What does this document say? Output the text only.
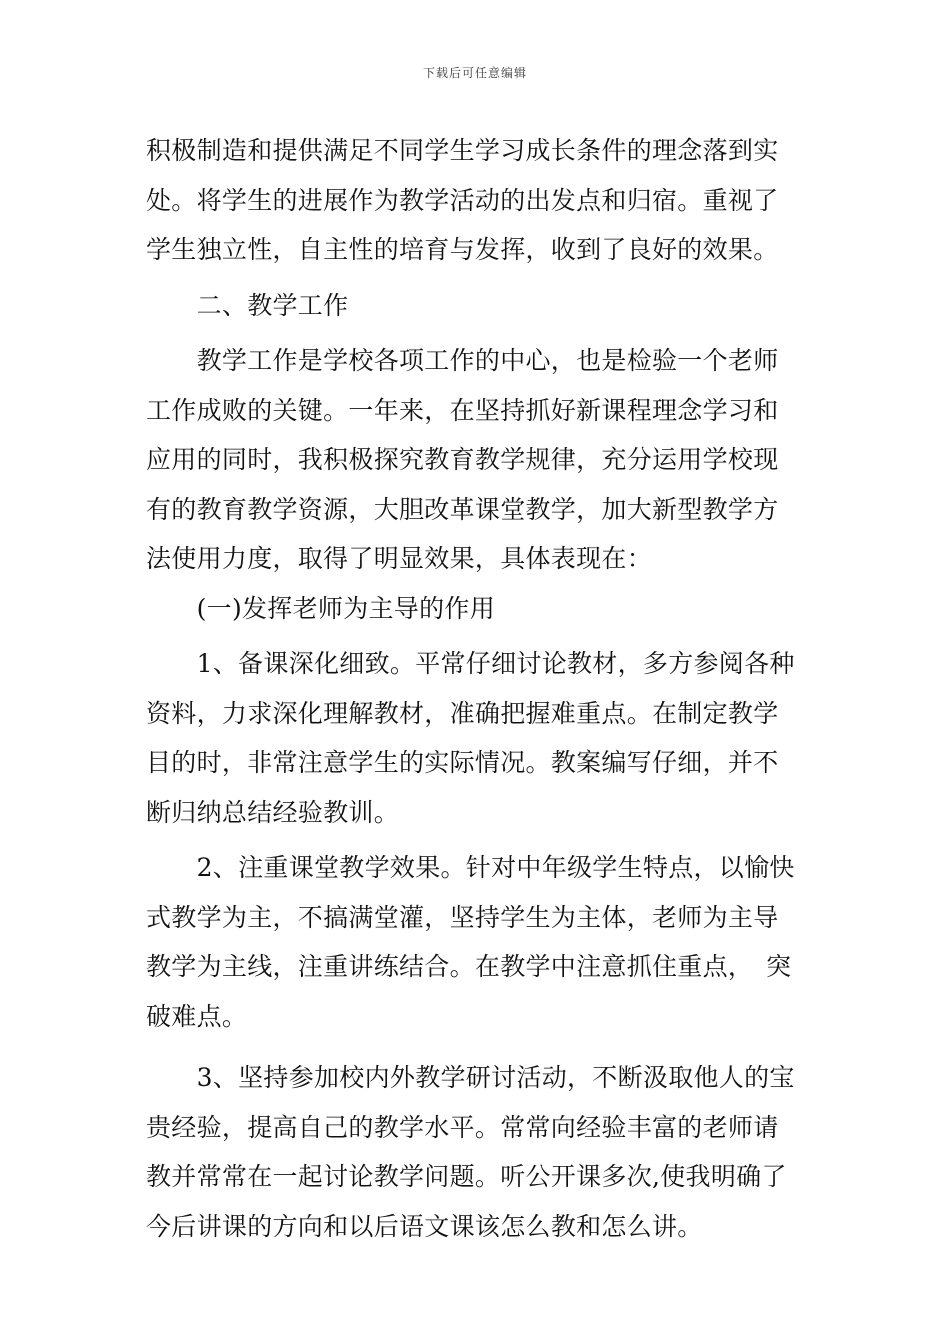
下载后可任意编辑
积极制造和提供满足不同学生学习成长条件的理念落到实
处。将学生的进展作为教学活动的出发点和归宿。重视了
学生独立性，自主性的培育与发挥，收到了良好的效果。
　　二、教学工作
　　教学工作是学校各项工作的中心，也是检验一个老师
工作成败的关键。一年来，在坚持抓好新课程理念学习和
应用的同时，我积极探究教育教学规律，充分运用学校现
有的教育教学资源，大胆改革课堂教学，加大新型教学方
法使用力度，取得了明显效果，具体表现在：
　　(一)发挥老师为主导的作用
　　1、备课深化细致。平常仔细讨论教材，多方参阅各种
资料，力求深化理解教材，准确把握难重点。在制定教学
目的时，非常注意学生的实际情况。教案编写仔细，并不
断归纳总结经验教训。
　　2、注重课堂教学效果。针对中年级学生特点，以愉快
式教学为主，不搞满堂灌，坚持学生为主体，老师为主导
教学为主线，注重讲练结合。在教学中注意抓住重点，　突
破难点。
　　3、坚持参加校内外教学研讨活动，不断汲取他人的宝
贵经验，提高自己的教学水平。常常向经验丰富的老师请
教并常常在一起讨论教学问题。听公开课多次,使我明确了
今后讲课的方向和以后语文课该怎么教和怎么讲。
